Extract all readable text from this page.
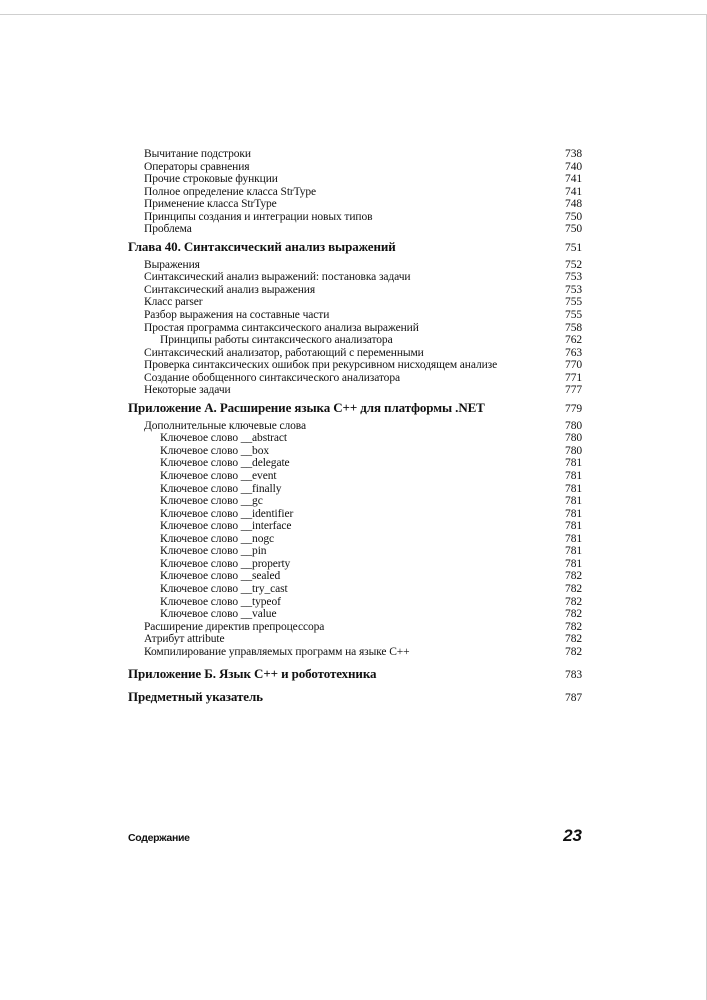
Вычитание подстроки	738
Операторы сравнения	740
Прочие строковые функции	741
Полное определение класса StrType	741
Применение класса StrType	748
Принципы создания и интеграции новых типов	750
Проблема	750
Глава 40. Синтаксический анализ выражений	751
Выражения	752
Синтаксический анализ выражений: постановка задачи	753
Синтаксический анализ выражения	753
Класс parser	755
Разбор выражения на составные части	755
Простая программа синтаксического анализа выражений	758
Принципы работы синтаксического анализатора	762
Синтаксический анализатор, работающий с переменными	763
Проверка синтаксических ошибок при рекурсивном нисходящем анализе	770
Создание обобщенного синтаксического анализатора	771
Некоторые задачи	777
Приложение А. Расширение языка С++ для платформы .NET	779
Дополнительные ключевые слова	780
Ключевое слово __abstract	780
Ключевое слово __box	780
Ключевое слово __delegate	781
Ключевое слово __event	781
Ключевое слово __finally	781
Ключевое слово __gc	781
Ключевое слово __identifier	781
Ключевое слово __interface	781
Ключевое слово __nogc	781
Ключевое слово __pin	781
Ключевое слово __property	781
Ключевое слово __sealed	782
Ключевое слово __try_cast	782
Ключевое слово __typeof	782
Ключевое слово __value	782
Расширение директив препроцессора	782
Атрибут attribute	782
Компилирование управляемых программ на языке С++	782
Приложение Б. Язык С++ и робототехника	783
Предметный указатель	787
Содержание	23
